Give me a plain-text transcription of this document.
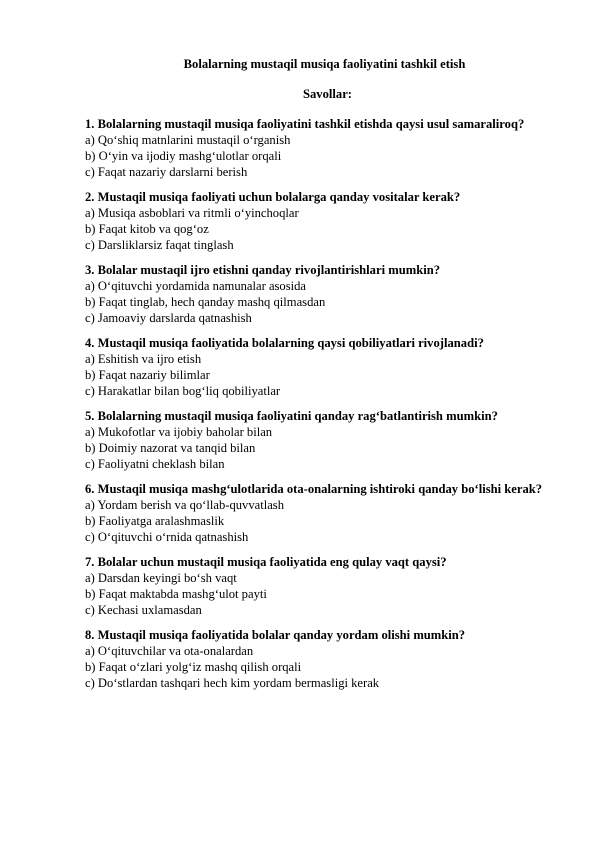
Bolalarning mustaqil musiqa faoliyatini tashkil etish

Savollar:

1. Bolalarning mustaqil musiqa faoliyatini tashkil etishda qaysi usul samaraliroq?
a) Qo‘shiq matnlarini mustaqil o‘rganish
b) O‘yin va ijodiy mashg‘ulotlar orqali
c) Faqat nazariy darslarni berish
2. Mustaqil musiqa faoliyati uchun bolalarga qanday vositalar kerak?
a) Musiqa asboblari va ritmli o‘yinchoqlar
b) Faqat kitob va qog‘oz
c) Darsliklarsiz faqat tinglash
3. Bolalar mustaqil ijro etishni qanday rivojlantirishlari mumkin?
a) O‘qituvchi yordamida namunalar asosida
b) Faqat tinglab, hech qanday mashq qilmasdan
c) Jamoaviy darslarda qatnashish
4. Mustaqil musiqa faoliyatida bolalarning qaysi qobiliyatlari rivojlanadi?
a) Eshitish va ijro etish
b) Faqat nazariy bilimlar
c) Harakatlar bilan bog‘liq qobiliyatlar
5. Bolalarning mustaqil musiqa faoliyatini qanday rag‘batlantirish mumkin?
a) Mukofotlar va ijobiy baholar bilan
b) Doimiy nazorat va tanqid bilan
c) Faoliyatni cheklash bilan
6. Mustaqil musiqa mashg‘ulotlarida ota-onalarning ishtiroki qanday bo‘lishi kerak?
a) Yordam berish va qo‘llab-quvvatlash
b) Faoliyatga aralashmaslik
c) O‘qituvchi o‘rnida qatnashish
7. Bolalar uchun mustaqil musiqa faoliyatida eng qulay vaqt qaysi?
a) Darsdan keyingi bo‘sh vaqt
b) Faqat maktabda mashg‘ulot payti
c) Kechasi uxlamasdan
8. Mustaqil musiqa faoliyatida bolalar qanday yordam olishi mumkin?
a) O‘qituvchilar va ota-onalardan
b) Faqat o‘zlari yolg‘iz mashq qilish orqali
c) Do‘stlardan tashqari hech kim yordam bermasligi kerak
